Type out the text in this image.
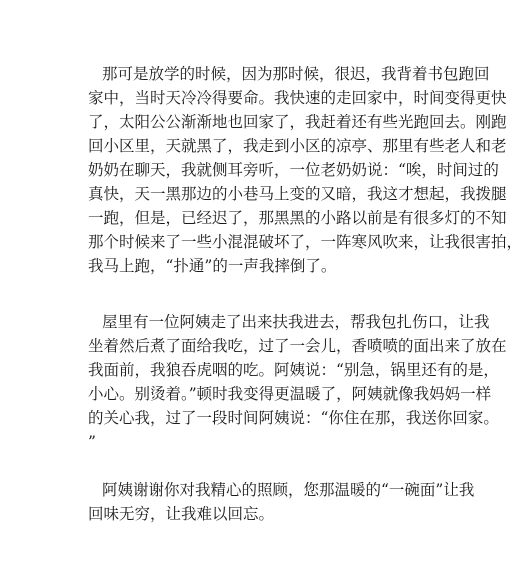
那可是放学的时候，因为那时候，很迟，我背着书包跑回
家中，当时天冷冷得要命。我快速的走回家中，时间变得更快
了，太阳公公渐渐地也回家了，我赶着还有些光跑回去。刚跑
回小区里，天就黑了，我走到小区的凉亭、那里有些老人和老
奶奶在聊天，我就侧耳旁听，一位老奶奶说：“唉，时间过的
真快，天一黑那边的小巷马上变的又暗，我这才想起，我拨腿
一跑，但是，已经迟了，那黑黑的小路以前是有很多灯的不知
那个时候来了一些小混混破坏了，一阵寒风吹来，让我很害拍，
我马上跑，“扑通”的一声我摔倒了。
屋里有一位阿姨走了出来扶我进去，帮我包扎伤口，让我
坐着然后煮了面给我吃，过了一会儿，香喷喷的面出来了放在
我面前，我狼吞虎咽的吃。阿姨说：“别急，锅里还有的是，
小心。别烫着。”顿时我变得更温暖了，阿姨就像我妈妈一样
的关心我，过了一段时间阿姨说：“你住在那，我送你回家。
”
阿姨谢谢你对我精心的照顾，您那温暖的“一碗面”让我
回味无穷，让我难以回忘。
